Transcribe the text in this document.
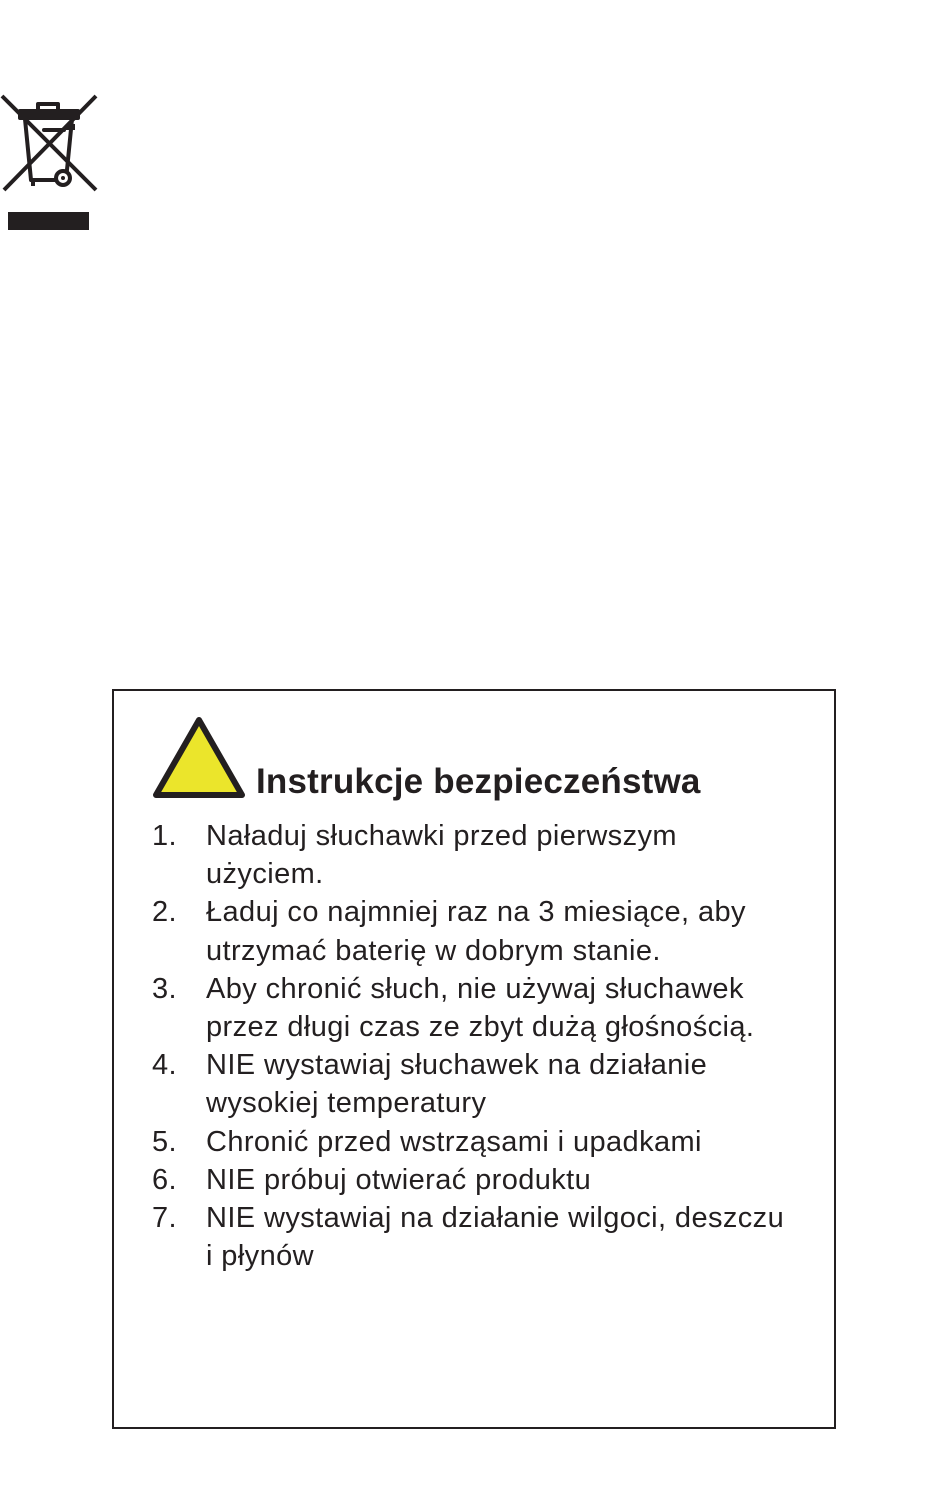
Instrukcje bezpieczeństwa
1.	Naładuj słuchawki przed pierwszym użyciem.
2.	Ładuj co najmniej raz na 3 miesiące, aby utrzymać baterię w dobrym stanie.
3.	Aby chronić słuch, nie używaj słuchawek przez długi czas ze zbyt dużą głośnością.
4.	NIE wystawiaj słuchawek na działanie wysokiej temperatury
5.	Chronić przed wstrząsami i upadkami
6.	NIE próbuj otwierać produktu
7.	NIE wystawiaj na działanie wilgoci, deszczu i płynów
